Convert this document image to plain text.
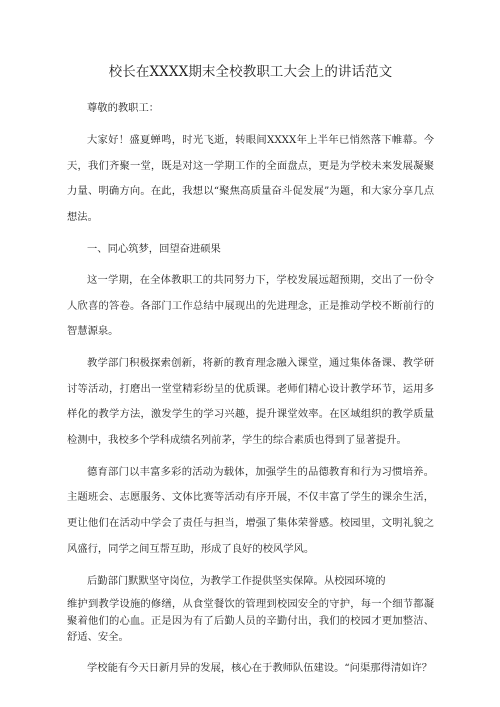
校长在XXXX期末全校教职工大会上的讲话范文
尊敬的教职工：
大家好！盛夏蝉鸣，时光飞逝，转眼间XXXX年上半年已悄然落下帷幕。今天，我们齐聚一堂，既是对这一学期工作的全面盘点，更是为学校未来发展凝聚力量、明确方向。在此，我想以“聚焦高质量奋斗促发展”为题，和大家分享几点想法。
一、同心筑梦，回望奋进硕果
这一学期，在全体教职工的共同努力下，学校发展远超预期，交出了一份令人欣喜的答卷。各部门工作总结中展现出的先进理念，正是推动学校不断前行的智慧源泉。
教学部门积极探索创新，将新的教育理念融入课堂，通过集体备课、教学研讨等活动，打磨出一堂堂精彩纷呈的优质课。老师们精心设计教学环节，运用多样化的教学方法，激发学生的学习兴趣，提升课堂效率。在区域组织的教学质量检测中，我校多个学科成绩名列前茅，学生的综合素质也得到了显著提升。
德育部门以丰富多彩的活动为载体，加强学生的品德教育和行为习惯培养。主题班会、志愿服务、文体比赛等活动有序开展，不仅丰富了学生的课余生活，更让他们在活动中学会了责任与担当，增强了集体荣誉感。校园里，文明礼貌之风盛行，同学之间互帮互助，形成了良好的校风学风。
后勤部门默默坚守岗位，为教学工作提供坚实保障。从校园环境的
维护到教学设施的修缮，从食堂餐饮的管理到校园安全的守护，每一个细节都凝聚着他们的心血。正是因为有了后勤人员的辛勤付出，我们的校园才更加整洁、舒适、安全。
学校能有今天日新月异的发展，核心在于教师队伍建设。“问渠那得清如许？
